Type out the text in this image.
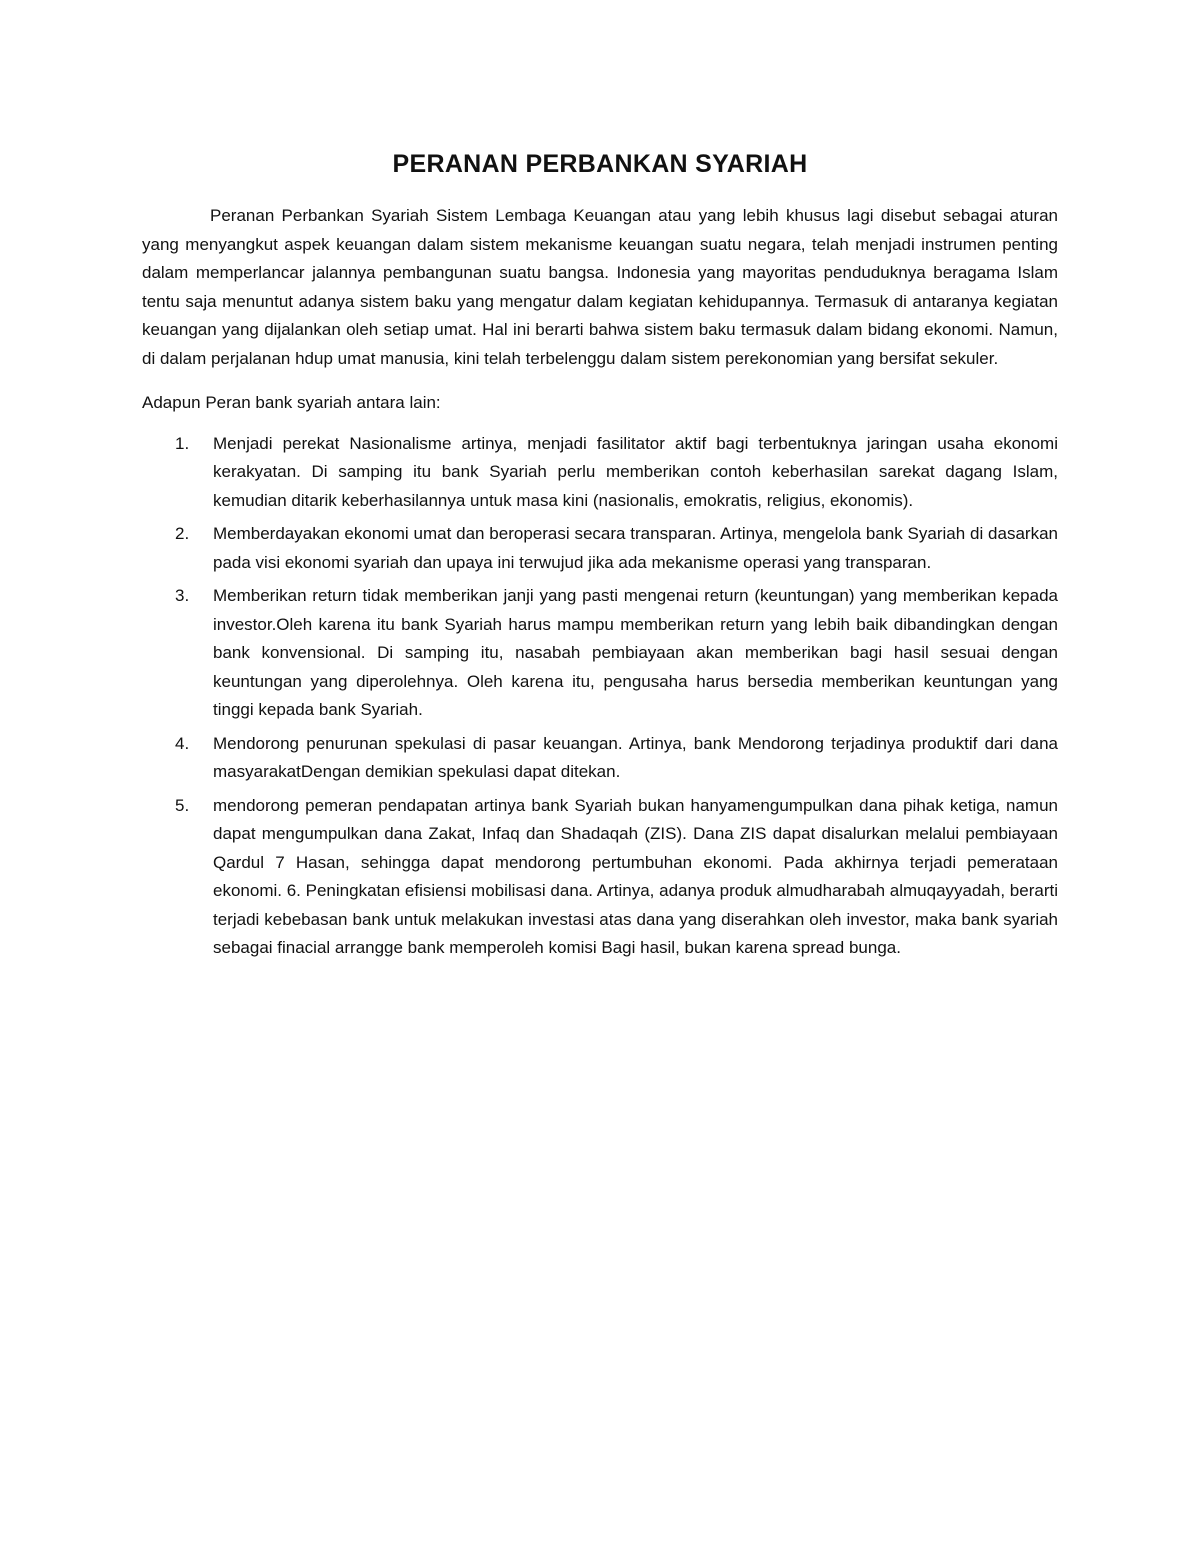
PERANAN PERBANKAN SYARIAH

Peranan Perbankan Syariah Sistem Lembaga Keuangan atau yang lebih khusus lagi disebut sebagai aturan yang menyangkut aspek keuangan dalam sistem mekanisme keuangan suatu negara, telah menjadi instrumen penting dalam memperlancar jalannya pembangunan suatu bangsa. Indonesia yang mayoritas penduduknya beragama Islam tentu saja menuntut adanya sistem baku yang mengatur dalam kegiatan kehidupannya. Termasuk di antaranya kegiatan keuangan yang dijalankan oleh setiap umat. Hal ini berarti bahwa sistem baku termasuk dalam bidang ekonomi. Namun, di dalam perjalanan hdup umat manusia, kini telah terbelenggu dalam sistem perekonomian yang bersifat sekuler.

Adapun Peran bank syariah antara lain:

1. Menjadi perekat Nasionalisme artinya, menjadi fasilitator aktif bagi terbentuknya jaringan usaha ekonomi kerakyatan. Di samping itu bank Syariah perlu memberikan contoh keberhasilan sarekat dagang Islam, kemudian ditarik keberhasilannya untuk masa kini (nasionalis, emokratis, religius, ekonomis).
2. Memberdayakan ekonomi umat dan beroperasi secara transparan. Artinya, mengelola bank Syariah di dasarkan pada visi ekonomi syariah dan upaya ini terwujud jika ada mekanisme operasi yang transparan.
3. Memberikan return tidak memberikan janji yang pasti mengenai return (keuntungan) yang memberikan kepada investor.Oleh karena itu bank Syariah harus mampu memberikan return yang lebih baik dibandingkan dengan bank konvensional. Di samping itu, nasabah pembiayaan akan memberikan bagi hasil sesuai dengan keuntungan yang diperolehnya. Oleh karena itu, pengusaha harus bersedia memberikan keuntungan yang tinggi kepada bank Syariah.
4. Mendorong penurunan spekulasi di pasar keuangan. Artinya, bank Mendorong terjadinya produktif dari dana masyarakatDengan demikian spekulasi dapat ditekan.
5. mendorong pemeran pendapatan artinya bank Syariah bukan hanyamengumpulkan dana pihak ketiga, namun dapat mengumpulkan dana Zakat, Infaq dan Shadaqah (ZIS). Dana ZIS dapat disalurkan melalui pembiayaan Qardul 7 Hasan, sehingga dapat mendorong pertumbuhan ekonomi. Pada akhirnya terjadi pemerataan ekonomi. 6. Peningkatan efisiensi mobilisasi dana. Artinya, adanya produk almudharabah almuqayyadah, berarti terjadi kebebasan bank untuk melakukan investasi atas dana yang diserahkan oleh investor, maka bank syariah sebagai finacial arrangge bank memperoleh komisi Bagi hasil, bukan karena spread bunga.
